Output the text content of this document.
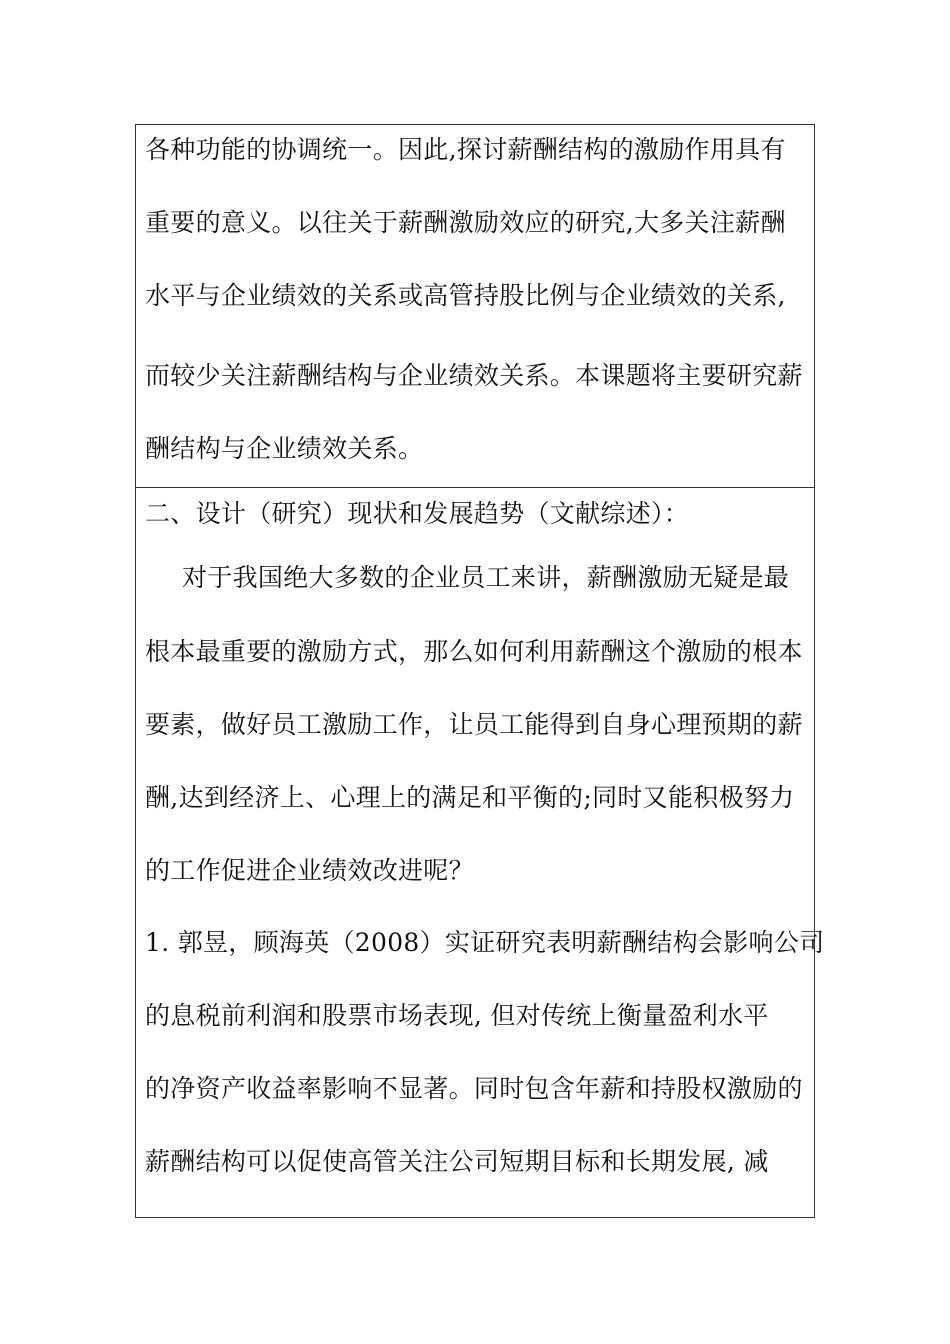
各种功能的协调统一。因此,探讨薪酬结构的激励作用具有
重要的意义。以往关于薪酬激励效应的研究,大多关注薪酬
水平与企业绩效的关系或高管持股比例与企业绩效的关系,
而较少关注薪酬结构与企业绩效关系。本课题将主要研究薪
酬结构与企业绩效关系。
二、设计（研究）现状和发展趋势（文献综述）：
对于我国绝大多数的企业员工来讲，薪酬激励无疑是最
根本最重要的激励方式，那么如何利用薪酬这个激励的根本
要素，做好员工激励工作，让员工能得到自身心理预期的薪
酬,达到经济上、心理上的满足和平衡的;同时又能积极努力
的工作促进企业绩效改进呢？
1. 郭昱，顾海英（2008）实证研究表明薪酬结构会影响公司
的息税前利润和股票市场表现, 但对传统上衡量盈利水平
的净资产收益率影响不显著。同时包含年薪和持股权激励的
薪酬结构可以促使高管关注公司短期目标和长期发展, 减
